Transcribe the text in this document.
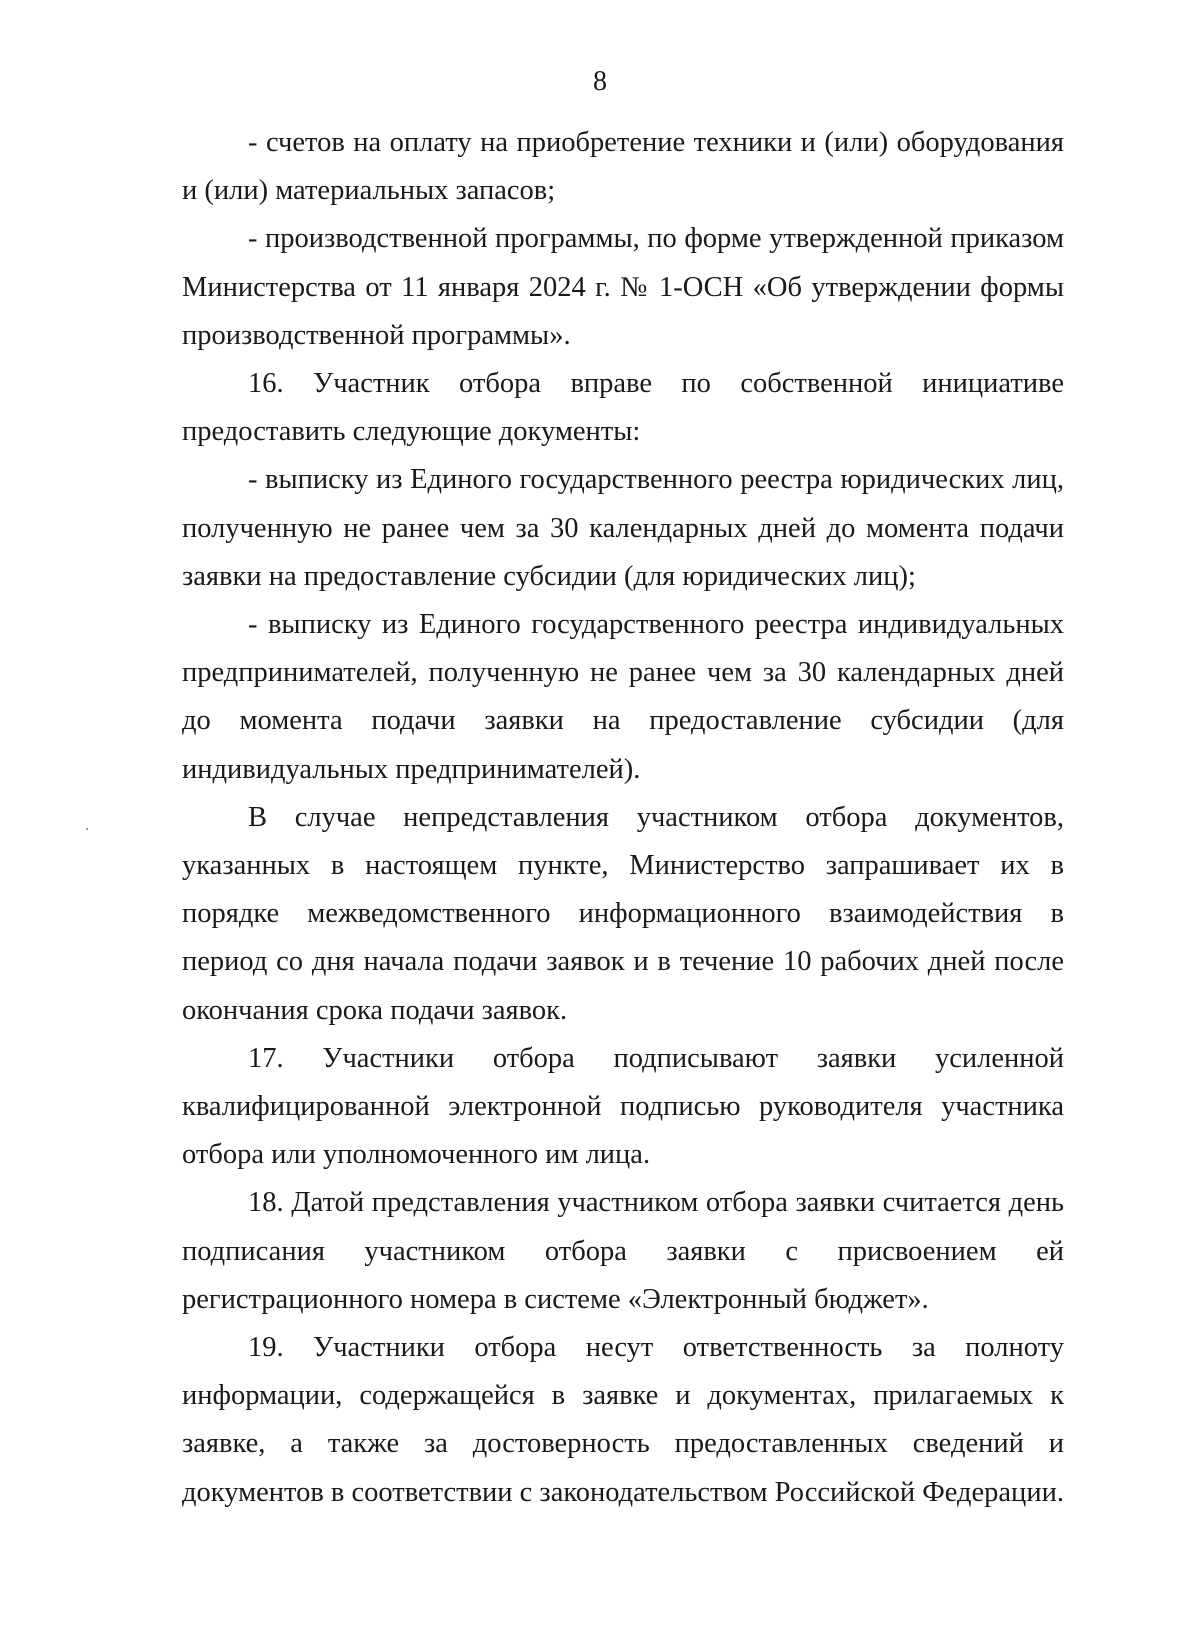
8

- счетов на оплату на приобретение техники и (или) оборудования и (или) материальных запасов;

- производственной программы, по форме утвержденной приказом Министерства от 11 января 2024 г. № 1-ОСН «Об утверждении формы производственной программы».

16. Участник отбора вправе по собственной инициативе предоставить следующие документы:

- выписку из Единого государственного реестра юридических лиц, полученную не ранее чем за 30 календарных дней до момента подачи заявки на предоставление субсидии (для юридических лиц);

- выписку из Единого государственного реестра индивидуальных предпринимателей, полученную не ранее чем за 30 календарных дней до момента подачи заявки на предоставление субсидии (для индивидуальных предпринимателей).

В случае непредставления участником отбора документов, указанных в настоящем пункте, Министерство запрашивает их в порядке межведомственного информационного взаимодействия в период со дня начала подачи заявок и в течение 10 рабочих дней после окончания срока подачи заявок.

17. Участники отбора подписывают заявки усиленной квалифицированной электронной подписью руководителя участника отбора или уполномоченного им лица.

18. Датой представления участником отбора заявки считается день подписания участником отбора заявки с присвоением ей регистрационного номера в системе «Электронный бюджет».

19. Участники отбора несут ответственность за полноту информации, содержащейся в заявке и документах, прилагаемых к заявке, а также за достоверность предоставленных сведений и документов в соответствии с законодательством Российской Федерации.
